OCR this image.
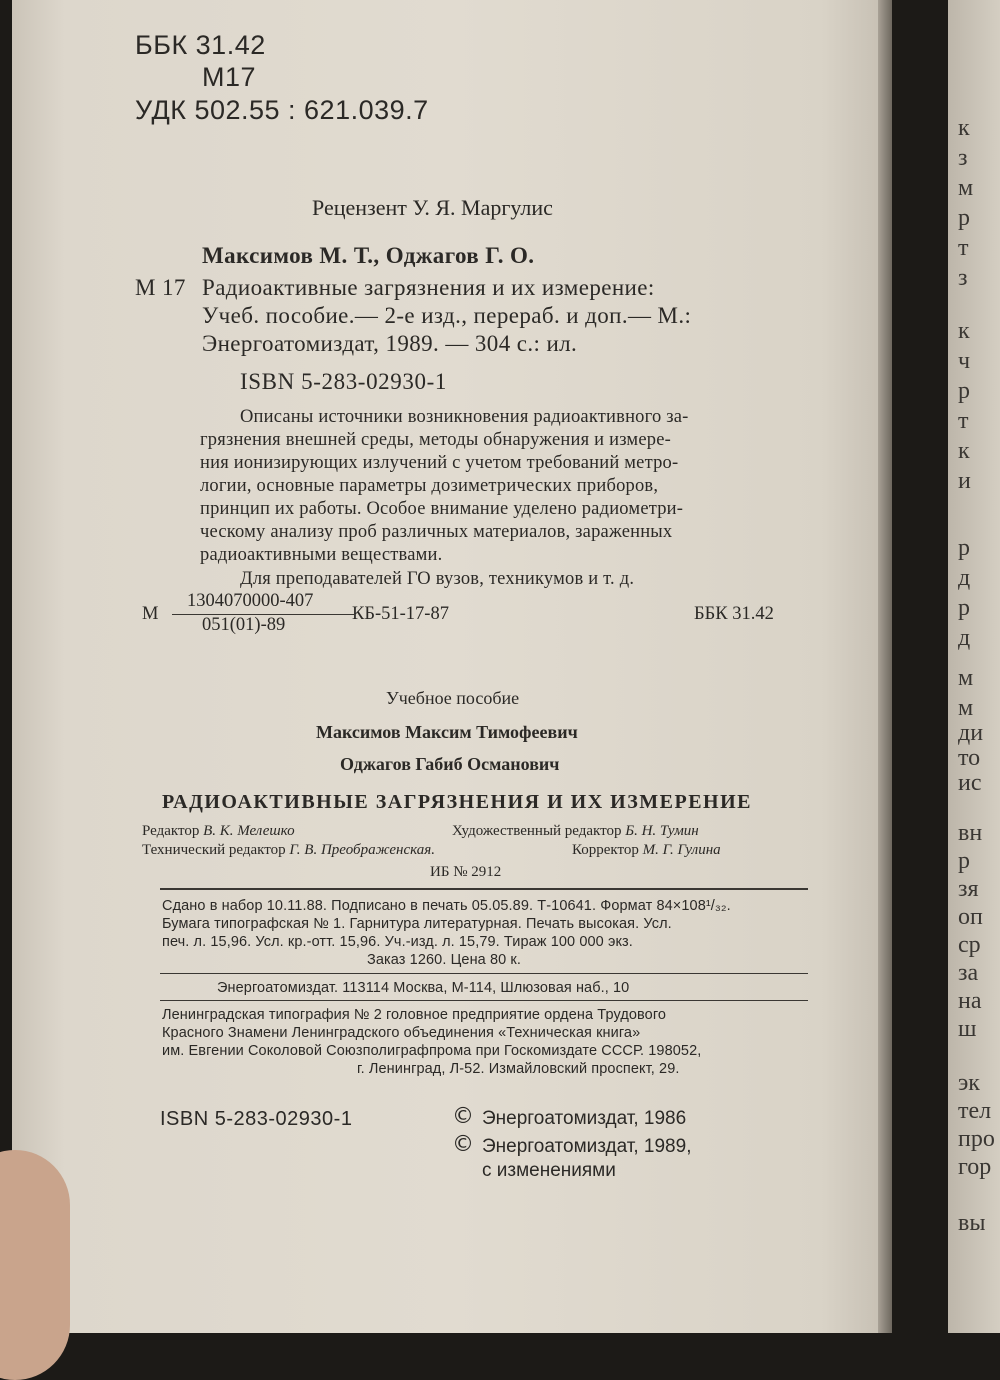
ББК 31.42
М17
УДК 502.55 : 621.039.7
Рецензент У. Я. Маргулис
Максимов М. Т., Оджагов Г. О.
М 17 Радиоактивные загрязнения и их измерение:
Учеб. пособие.— 2-е изд., перераб. и доп.— М.:
Энергоатомиздат, 1989. — 304 с.: ил.
ISBN 5-283-02930-1
Описаны источники возникновения радиоактивного за-
грязнения внешней среды, методы обнаружения и измере-
ния ионизирующих излучений с учетом требований метро-
логии, основные параметры дозиметрических приборов,
принцип их работы. Особое внимание уделено радиометри-
ческому анализу проб различных материалов, зараженных
радиоактивными веществами.
Для преподавателей ГО вузов, техникумов и т. д.
М
1304070000-407
051(01)-89
КБ-51-17-87	ББК 31.42
Учебное пособие
Максимов Максим Тимофеевич
Оджагов Габиб Османович
РАДИОАКТИВНЫЕ ЗАГРЯЗНЕНИЯ И ИХ ИЗМЕРЕНИЕ
Редактор В. К. Мелешко	Художественный редактор Б. Н. Тумин
Технический редактор Г. В. Преображенская.	Корректор М. Г. Гулина
ИБ № 2912
Сдано в набор 10.11.88. Подписано в печать 05.05.89. Т-10641. Формат 84×108¹/₃₂.
Бумага типографская № 1. Гарнитура литературная. Печать высокая. Усл.
печ. л. 15,96. Усл. кр.-отт. 15,96. Уч.-изд. л. 15,79. Тираж 100 000 экз.
Заказ 1260. Цена 80 к.
Энергоатомиздат. 113114 Москва, М-114, Шлюзовая наб., 10
Ленинградская типография № 2 головное предприятие ордена Трудового
Красного Знамени Ленинградского объединения «Техническая книга»
им. Евгении Соколовой Союзполиграфпрома при Госкомиздате СССР. 198052,
г. Ленинград, Л-52. Измайловский проспект, 29.
ISBN 5-283-02930-1	© Энергоатомиздат, 1986
© Энергоатомиздат, 1989,
с изменениями
к
з
м
р
т
з
к
ч
р
т
к
и
р
д
р
д
м
м
ди
то
ис
вн
р
зя
оп
ср
за
на
ш
эк
тел
про
гор
вы
